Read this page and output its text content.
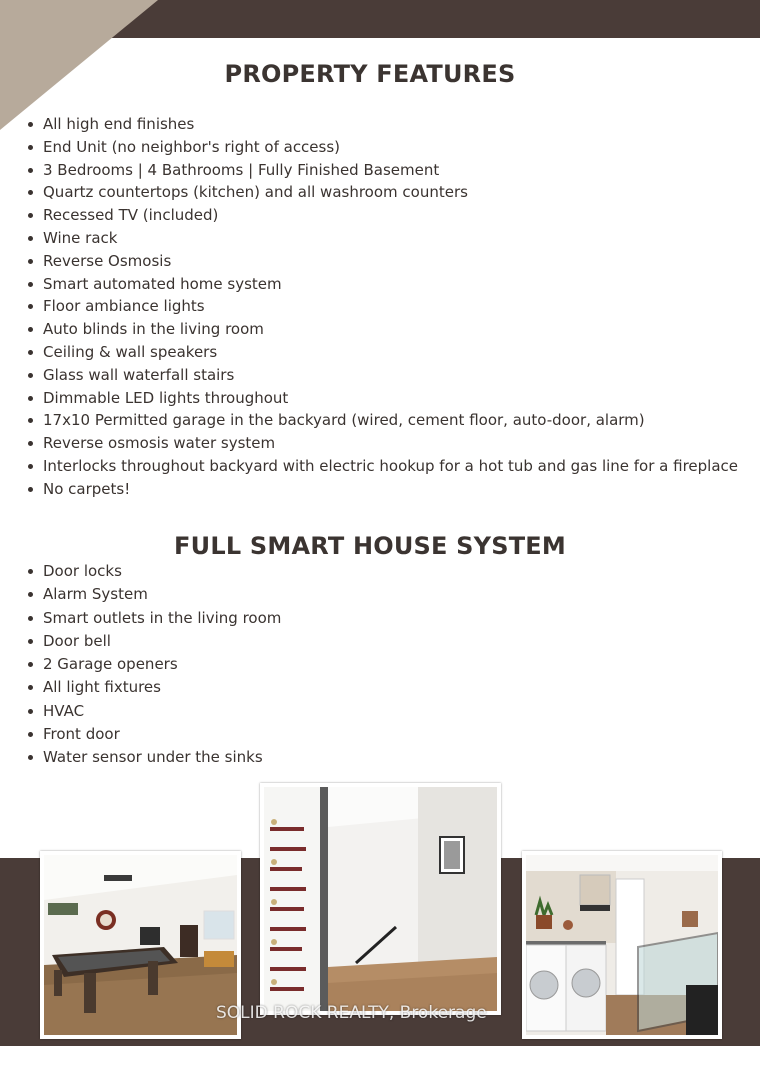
PROPERTY FEATURES
All high end finishes
End Unit (no neighbor's right of access)
3 Bedrooms | 4 Bathrooms | Fully Finished Basement
Quartz countertops (kitchen) and all washroom counters
Recessed TV (included)
Wine rack
Reverse Osmosis
Smart automated home system
Floor ambiance lights
Auto blinds in the living room
Ceiling & wall speakers
Glass wall waterfall stairs
Dimmable LED lights throughout
17x10 Permitted garage in the backyard (wired, cement floor, auto-door, alarm)
Reverse osmosis water system
Interlocks throughout backyard with electric hookup for a hot tub and gas line for a fireplace
No carpets!
FULL SMART HOUSE SYSTEM
Door locks
Alarm System
Smart outlets in the living room
Door bell
2 Garage openers
All light fixtures
HVAC
Front door
Water sensor under the sinks
SOLID ROCK REALTY, Brokerage
